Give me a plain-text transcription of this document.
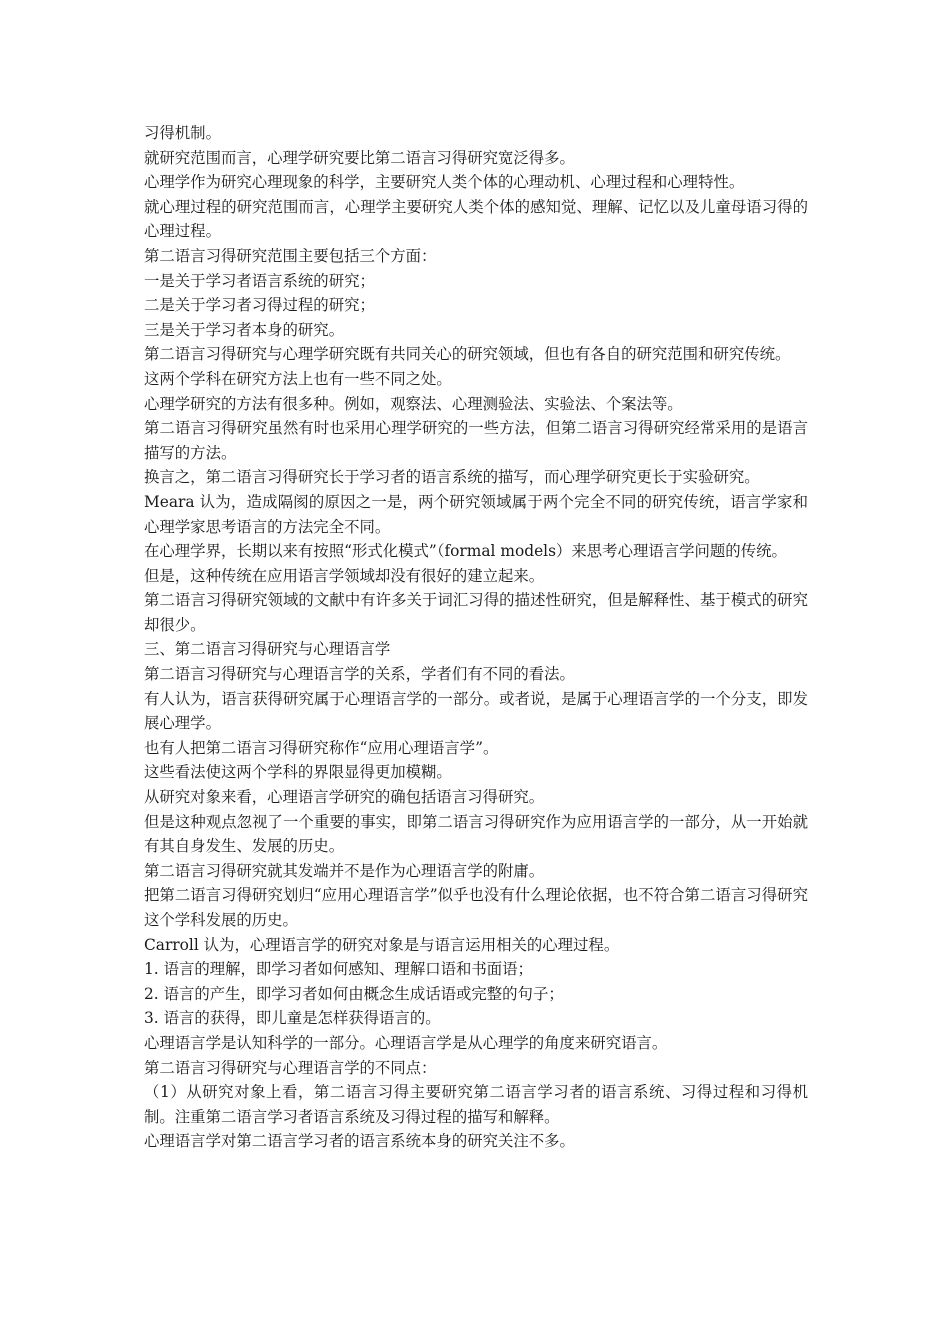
习得机制。

就研究范围而言，心理学研究要比第二语言习得研究宽泛得多。

心理学作为研究心理现象的科学，主要研究人类个体的心理动机、心理过程和心理特性。

就心理过程的研究范围而言，心理学主要研究人类个体的感知觉、理解、记忆以及儿童母语习得的心理过程。

第二语言习得研究范围主要包括三个方面：

一是关于学习者语言系统的研究；

二是关于学习者习得过程的研究；

三是关于学习者本身的研究。

第二语言习得研究与心理学研究既有共同关心的研究领域，但也有各自的研究范围和研究传统。

这两个学科在研究方法上也有一些不同之处。

心理学研究的方法有很多种。例如，观察法、心理测验法、实验法、个案法等。

第二语言习得研究虽然有时也采用心理学研究的一些方法，但第二语言习得研究经常采用的是语言描写的方法。

换言之，第二语言习得研究长于学习者的语言系统的描写，而心理学研究更长于实验研究。

Meara 认为，造成隔阂的原因之一是，两个研究领域属于两个完全不同的研究传统，语言学家和心理学家思考语言的方法完全不同。

在心理学界，长期以来有按照“形式化模式”（formal models）来思考心理语言学问题的传统。

但是，这种传统在应用语言学领域却没有很好的建立起来。

第二语言习得研究领域的文献中有许多关于词汇习得的描述性研究，但是解释性、基于模式的研究却很少。

三、第二语言习得研究与心理语言学

第二语言习得研究与心理语言学的关系，学者们有不同的看法。

有人认为，语言获得研究属于心理语言学的一部分。或者说，是属于心理语言学的一个分支，即发展心理学。

也有人把第二语言习得研究称作“应用心理语言学”。

这些看法使这两个学科的界限显得更加模糊。

从研究对象来看，心理语言学研究的确包括语言习得研究。

但是这种观点忽视了一个重要的事实，即第二语言习得研究作为应用语言学的一部分，从一开始就有其自身发生、发展的历史。

第二语言习得研究就其发端并不是作为心理语言学的附庸。

把第二语言习得研究划归“应用心理语言学”似乎也没有什么理论依据，也不符合第二语言习得研究这个学科发展的历史。

Carroll 认为，心理语言学的研究对象是与语言运用相关的心理过程。

1. 语言的理解，即学习者如何感知、理解口语和书面语；

2. 语言的产生，即学习者如何由概念生成话语或完整的句子；

3. 语言的获得，即儿童是怎样获得语言的。

心理语言学是认知科学的一部分。心理语言学是从心理学的角度来研究语言。

第二语言习得研究与心理语言学的不同点：

（1）从研究对象上看，第二语言习得主要研究第二语言学习者的语言系统、习得过程和习得机制。注重第二语言学习者语言系统及习得过程的描写和解释。

心理语言学对第二语言学习者的语言系统本身的研究关注不多。
